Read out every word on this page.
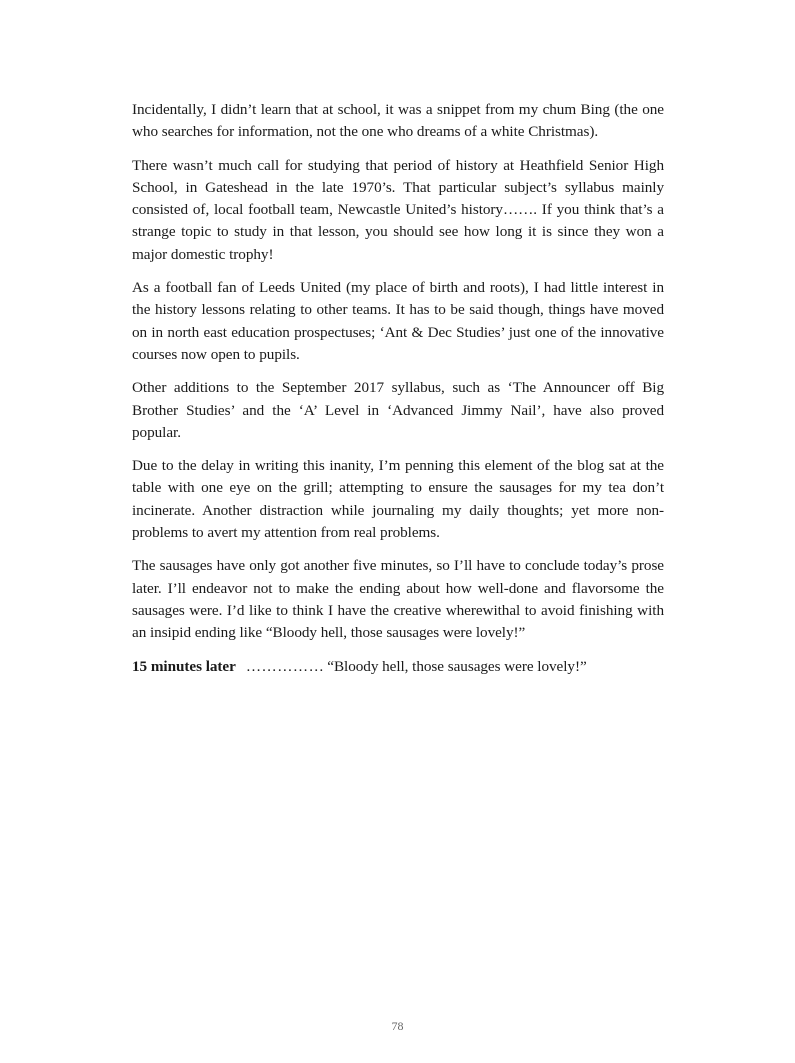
Incidentally, I didn’t learn that at school, it was a snippet from my chum Bing (the one who searches for information, not the one who dreams of a white Christmas).

There wasn’t much call for studying that period of history at Heathfield Senior High School, in Gateshead in the late 1970’s. That particular subject’s syllabus mainly consisted of, local football team, Newcastle United’s history……. If you think that’s a strange topic to study in that lesson, you should see how long it is since they won a major domestic trophy!

As a football fan of Leeds United (my place of birth and roots), I had little interest in the history lessons relating to other teams. It has to be said though, things have moved on in north east education prospectuses; ‘Ant & Dec Studies’ just one of the innovative courses now open to pupils.

Other additions to the September 2017 syllabus, such as ‘The Announcer off Big Brother Studies’ and the ‘A’ Level in ‘Advanced Jimmy Nail’, have also proved popular.

Due to the delay in writing this inanity, I’m penning this element of the blog sat at the table with one eye on the grill; attempting to ensure the sausages for my tea don’t incinerate. Another distraction while journaling my daily thoughts; yet more non-problems to avert my attention from real problems.

The sausages have only got another five minutes, so I’ll have to conclude today’s prose later. I’ll endeavor not to make the ending about how well-done and flavorsome the sausages were. I’d like to think I have the creative wherewithal to avoid finishing with an insipid ending like “Bloody hell, those sausages were lovely!”

15 minutes later …………… “Bloody hell, those sausages were lovely!”

78
